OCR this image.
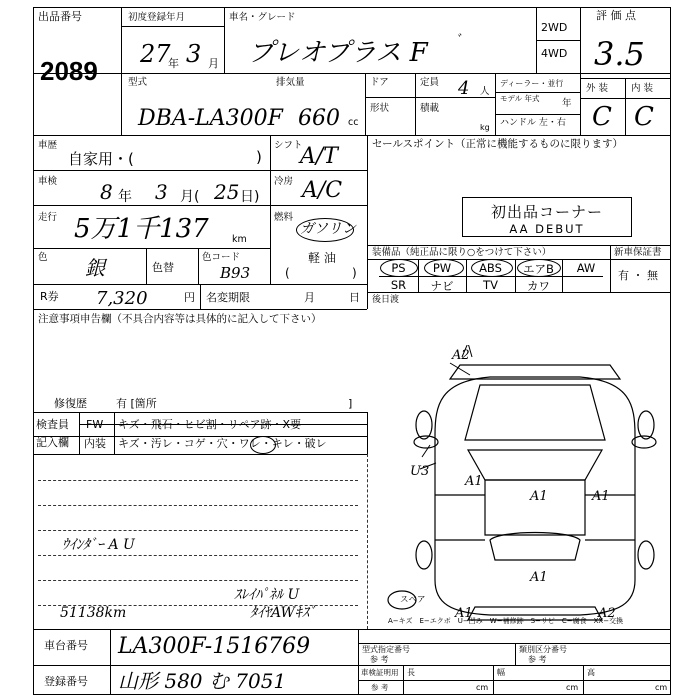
出品番号
2089
初度登録年月
27
年 3 月
車名・グレード
プレオプラス F ﾞ
2WD
4WD
評 価 点
3.5
型式
DBA-LA300F
排気量
660 cc
ドア	定員 4 人
形状	積載
kg
ディーラー・並行
モデル 年式 年
ハンドル 左・右
外 装 内 装
C C
車歴
自家用・(	)
シフト
A/T
車検 8 年 3 月( 25 日)
冷房 A/C
走行 5万1千137 km
燃料
ガソリン
軽 油
(	)
色 銀	色替
色コード
B93
R券 7,320	円 名変期限	月	日
セールスポイント（正常に機能するものに限ります）
初出品コーナー
AA DEBUT
装備品（純正品に限り○をつけて下さい）	新車保証書
有 ・ 無
PS	PW	ABS	エアB	AW
SR	ナビ	TV	カワ
後日渡
注意事項申告欄（不具合内容等は具体的に記入して下さい）
修復歴	有 [箇所	]
検査員
記入欄
FW キズ・飛石・ヒビ割・リペア跡・X要
内装 キズ・汚レ・コゲ・穴・ワレ・キレ・破レ
ｳｲﾝﾀﾞｰ A U
ｽﾚｲﾊﾟﾈﾙ U
ﾀｲﾔAWｷｽﾞ
51138km
A2
U3
A1
A1	A1
A1
A1	A2
スペア
A−キズ　E−エクボ　U−凹み　W−補修跡　S−サビ　C−腐食　XX−交換
車台番号 LA300F-1516769
登録番号 山形 580 む 7051
型式指定番号
参 考
類別区分番号
参 考
車検証明用
参 考
長
cm
幅
cm
高
cm
